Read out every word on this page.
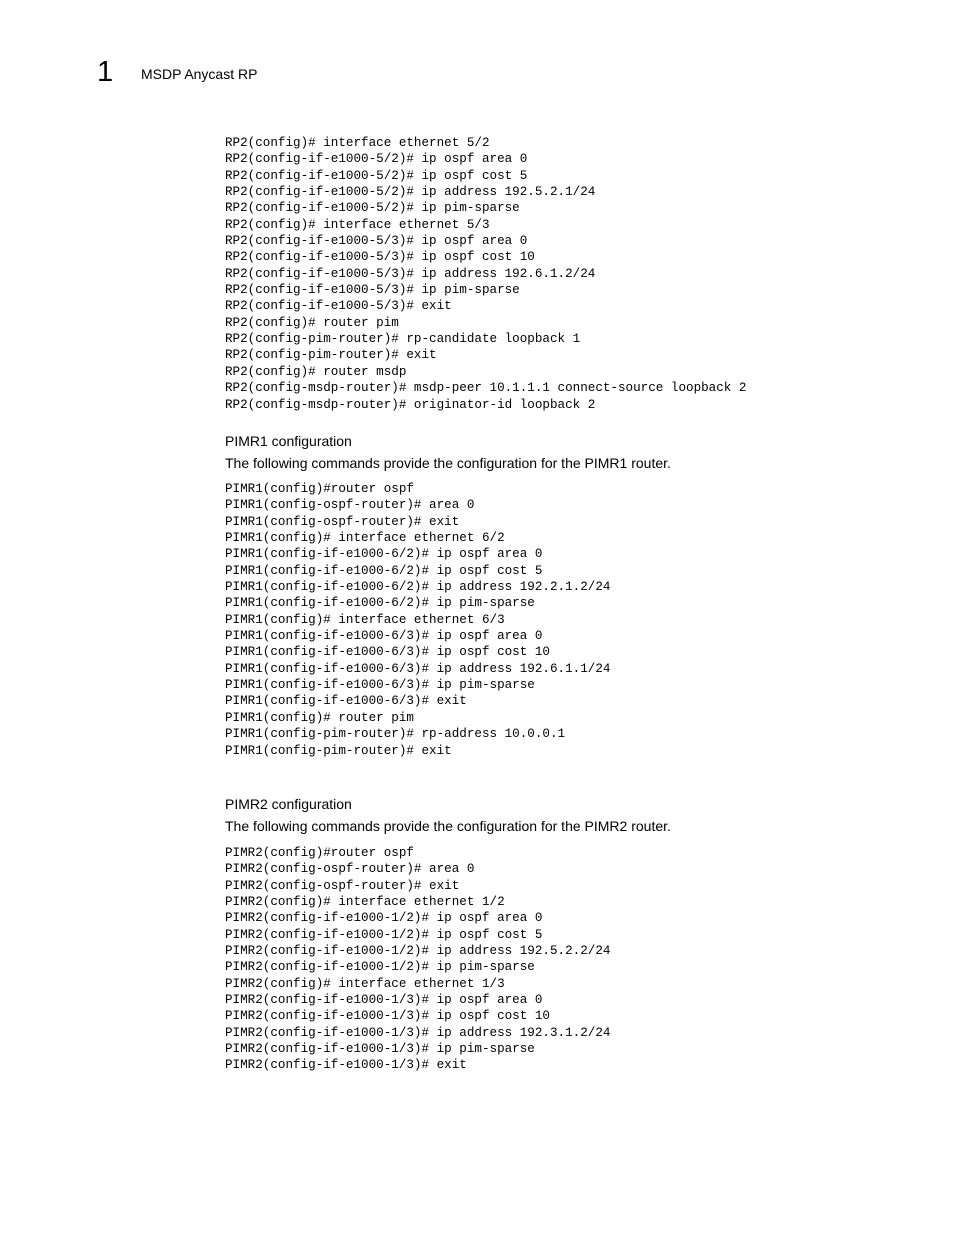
1 MSDP Anycast RP
RP2(config)# interface ethernet 5/2
RP2(config-if-e1000-5/2)# ip ospf area 0
RP2(config-if-e1000-5/2)# ip ospf cost 5
RP2(config-if-e1000-5/2)# ip address 192.5.2.1/24
RP2(config-if-e1000-5/2)# ip pim-sparse
RP2(config)# interface ethernet 5/3
RP2(config-if-e1000-5/3)# ip ospf area 0
RP2(config-if-e1000-5/3)# ip ospf cost 10
RP2(config-if-e1000-5/3)# ip address 192.6.1.2/24
RP2(config-if-e1000-5/3)# ip pim-sparse
RP2(config-if-e1000-5/3)# exit
RP2(config)# router pim
RP2(config-pim-router)# rp-candidate loopback 1
RP2(config-pim-router)# exit
RP2(config)# router msdp
RP2(config-msdp-router)# msdp-peer 10.1.1.1 connect-source loopback 2
RP2(config-msdp-router)# originator-id loopback 2
PIMR1 configuration
The following commands provide the configuration for the PIMR1 router.
PIMR1(config)#router ospf
PIMR1(config-ospf-router)# area 0
PIMR1(config-ospf-router)# exit
PIMR1(config)# interface ethernet 6/2
PIMR1(config-if-e1000-6/2)# ip ospf area 0
PIMR1(config-if-e1000-6/2)# ip ospf cost 5
PIMR1(config-if-e1000-6/2)# ip address 192.2.1.2/24
PIMR1(config-if-e1000-6/2)# ip pim-sparse
PIMR1(config)# interface ethernet 6/3
PIMR1(config-if-e1000-6/3)# ip ospf area 0
PIMR1(config-if-e1000-6/3)# ip ospf cost 10
PIMR1(config-if-e1000-6/3)# ip address 192.6.1.1/24
PIMR1(config-if-e1000-6/3)# ip pim-sparse
PIMR1(config-if-e1000-6/3)# exit
PIMR1(config)# router pim
PIMR1(config-pim-router)# rp-address 10.0.0.1
PIMR1(config-pim-router)# exit
PIMR2 configuration
The following commands provide the configuration for the PIMR2 router.
PIMR2(config)#router ospf
PIMR2(config-ospf-router)# area 0
PIMR2(config-ospf-router)# exit
PIMR2(config)# interface ethernet 1/2
PIMR2(config-if-e1000-1/2)# ip ospf area 0
PIMR2(config-if-e1000-1/2)# ip ospf cost 5
PIMR2(config-if-e1000-1/2)# ip address 192.5.2.2/24
PIMR2(config-if-e1000-1/2)# ip pim-sparse
PIMR2(config)# interface ethernet 1/3
PIMR2(config-if-e1000-1/3)# ip ospf area 0
PIMR2(config-if-e1000-1/3)# ip ospf cost 10
PIMR2(config-if-e1000-1/3)# ip address 192.3.1.2/24
PIMR2(config-if-e1000-1/3)# ip pim-sparse
PIMR2(config-if-e1000-1/3)# exit
